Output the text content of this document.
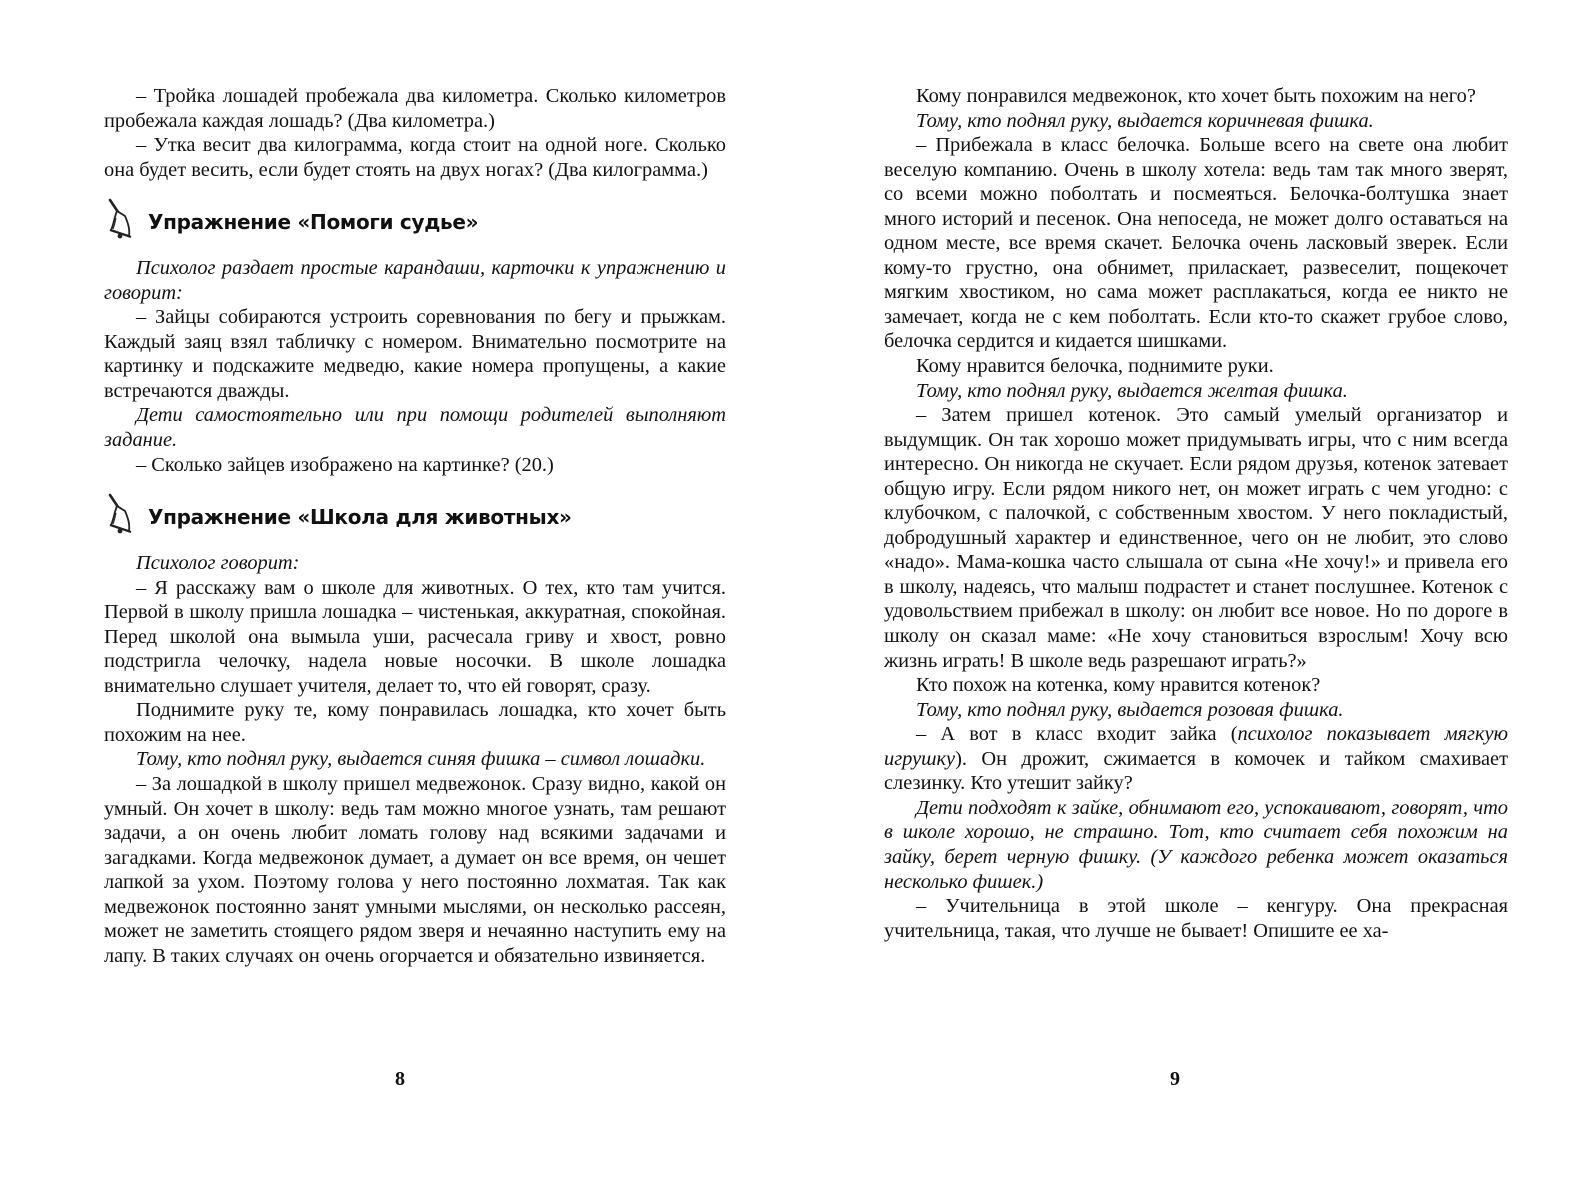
– Тройка лошадей пробежала два километра. Сколько километров пробежала каждая лошадь? (Два километра.)

– Утка весит два килограмма, когда стоит на одной ноге. Сколько она будет весить, если будет стоять на двух ногах? (Два килограмма.)

Упражнение «Помоги судье»

Психолог раздает простые карандаши, карточки к упражнению и говорит:

– Зайцы собираются устроить соревнования по бегу и прыжкам. Каждый заяц взял табличку с номером. Внимательно посмотрите на картинку и подскажите медведю, какие номера пропущены, а какие встречаются дважды.

Дети самостоятельно или при помощи родителей выполняют задание.

– Сколько зайцев изображено на картинке? (20.)

Упражнение «Школа для животных»

Психолог говорит:

– Я расскажу вам о школе для животных. О тех, кто там учится. Первой в школу пришла лошадка – чистенькая, аккуратная, спокойная. Перед школой она вымыла уши, расчесала гриву и хвост, ровно подстригла челочку, надела новые носочки. В школе лошадка внимательно слушает учителя, делает то, что ей говорят, сразу.

Поднимите руку те, кому понравилась лошадка, кто хочет быть похожим на нее.

Тому, кто поднял руку, выдается синяя фишка – символ лошадки.

– За лошадкой в школу пришел медвежонок. Сразу видно, какой он умный. Он хочет в школу: ведь там можно многое узнать, там решают задачи, а он очень любит ломать голову над всякими задачами и загадками. Когда медвежонок думает, а думает он все время, он чешет лапкой за ухом. Поэтому голова у него постоянно лохматая. Так как медвежонок постоянно занят умными мыслями, он несколько рассеян, может не заметить стоящего рядом зверя и нечаянно наступить ему на лапу. В таких случаях он очень огорчается и обязательно извиняется.

8

Кому понравился медвежонок, кто хочет быть похожим на него?

Тому, кто поднял руку, выдается коричневая фишка.

– Прибежала в класс белочка. Больше всего на свете она любит веселую компанию. Очень в школу хотела: ведь там так много зверят, со всеми можно поболтать и посмеяться. Белочка-болтушка знает много историй и песенок. Она непоседа, не может долго оставаться на одном месте, все время скачет. Белочка очень ласковый зверек. Если кому-то грустно, она обнимет, приласкает, развеселит, пощекочет мягким хвостиком, но сама может расплакаться, когда ее никто не замечает, когда не с кем поболтать. Если кто-то скажет грубое слово, белочка сердится и кидается шишками.

Кому нравится белочка, поднимите руки.

Тому, кто поднял руку, выдается желтая фишка.

– Затем пришел котенок. Это самый умелый организатор и выдумщик. Он так хорошо может придумывать игры, что с ним всегда интересно. Он никогда не скучает. Если рядом друзья, котенок затевает общую игру. Если рядом никого нет, он может играть с чем угодно: с клубочком, с палочкой, с собственным хвостом. У него покладистый, добродушный характер и единственное, чего он не любит, это слово «надо». Мама-кошка часто слышала от сына «Не хочу!» и привела его в школу, надеясь, что малыш подрастет и станет послушнее. Котенок с удовольствием прибежал в школу: он любит все новое. Но по дороге в школу он сказал маме: «Не хочу становиться взрослым! Хочу всю жизнь играть! В школе ведь разрешают играть?»

Кто похож на котенка, кому нравится котенок?

Тому, кто поднял руку, выдается розовая фишка.

– А вот в класс входит зайка (психолог показывает мягкую игрушку). Он дрожит, сжимается в комочек и тайком смахивает слезинку. Кто утешит зайку?

Дети подходят к зайке, обнимают его, успокаивают, говорят, что в школе хорошо, не страшно. Тот, кто считает себя похожим на зайку, берет черную фишку. (У каждого ребенка может оказаться несколько фишек.)

– Учительница в этой школе – кенгуру. Она прекрасная учительница, такая, что лучше не бывает! Опишите ее ха-

9
